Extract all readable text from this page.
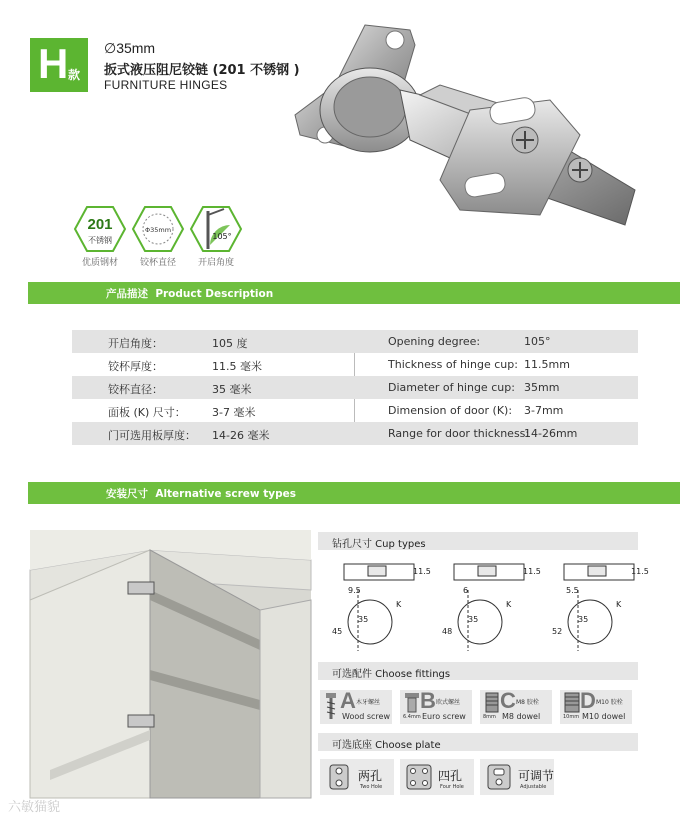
H 款
∅35mm
扳式液压阻尼铰链 (201 不锈钢 )
FURNITURE HINGES
201
不锈钢
优质钢材
Φ35mm
铰杯直径
105°
开启角度
产品描述 Product Description
开启角度：	105 度	Opening degree:	105°
铰杯厚度：	11.5 毫米	Thickness of hinge cup: 11.5mm
铰杯直径：	35 毫米	Diameter of hinge cup: 35mm
面板 (K) 尺寸： 3-7 毫米	Dimension of door (K): 3-7mm
门可选用板厚度： 14-26 毫米	Range for door thickness:
14-26mm
安装尺寸 Alternative screw types
钻孔尺寸 Cup types
11.5
9.5
35
45
K
11.5
6
35
48
K
11.5
5.5
35
52
K
可选配件 Choose fittings
A 木牙螺丝
Wood screw	6.4mm
B 欧式螺丝
Euro screw	8mm
C M8 胶栓
M8 dowel	10mm
D M10 胶栓
M10 dowel
可选底座 Choose plate
两孔
Two Hole
四孔
Four Hole
可调节
Adjustable
六敏猫貌
